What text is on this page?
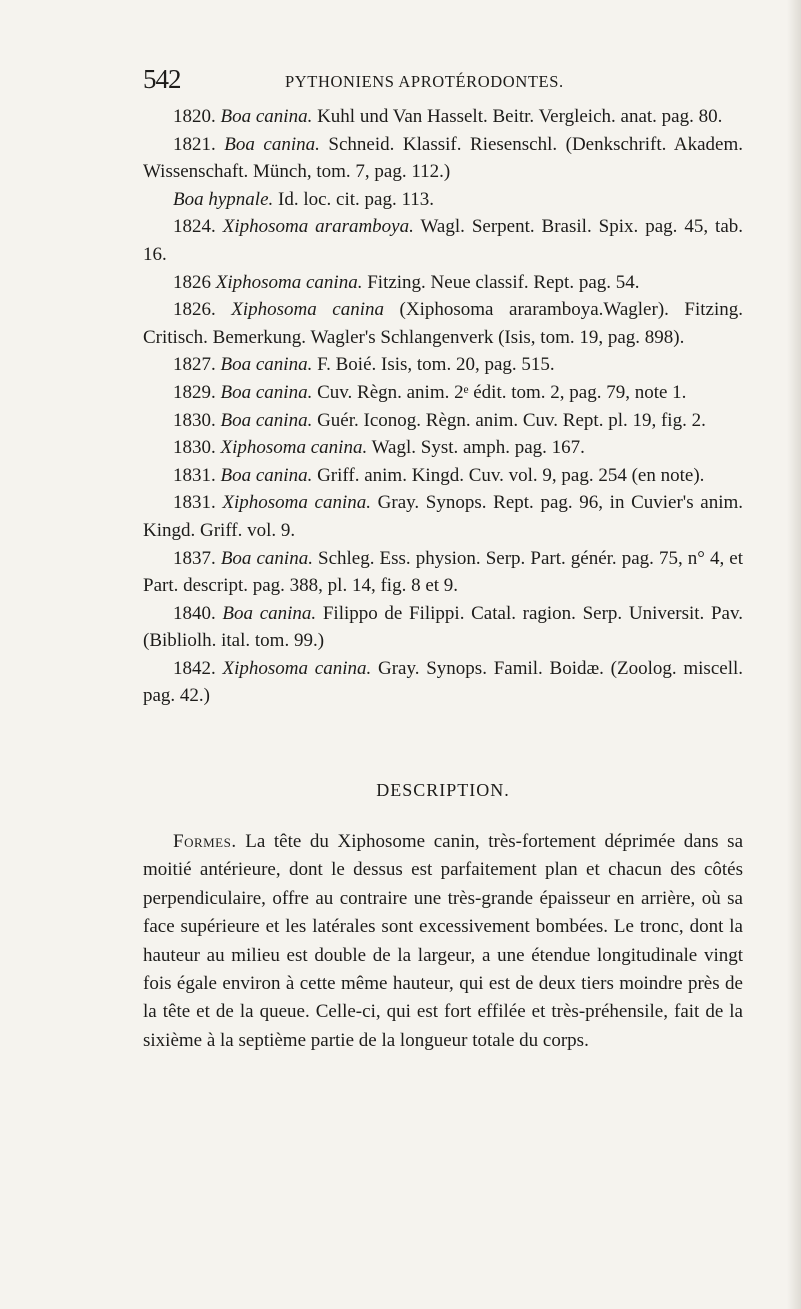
542	PYTHONIENS APROTÉRODONTES.

1820. Boa canina. Kuhl und Van Hasselt. Beitr. Vergleich. anat. pag. 80.

1821. Boa canina. Schneid. Klassif. Riesenschl. (Denkschrift. Akadem. Wissenschaft. Münch, tom. 7, pag. 112.)

Boa hypnale. Id. loc. cit. pag. 113.

1824. Xiphosoma araramboya. Wagl. Serpent. Brasil. Spix. pag. 45, tab. 16.

1826 Xiphosoma canina. Fitzing. Neue classif. Rept. pag. 54.

1826. Xiphosoma canina (Xiphosoma araramboya.Wagler). Fitzing. Critisch. Bemerkung. Wagler's Schlangenverk (Isis, tom. 19, pag. 898).

1827. Boa canina. F. Boié. Isis, tom. 20, pag. 515.

1829. Boa canina. Cuv. Règn. anim. 2ᵉ édit. tom. 2, pag. 79, note 1.

1830. Boa canina. Guér. Iconog. Règn. anim. Cuv. Rept. pl. 19, fig. 2.

1830. Xiphosoma canina. Wagl. Syst. amph. pag. 167.

1831. Boa canina. Griff. anim. Kingd. Cuv. vol. 9, pag. 254 (en note).

1831. Xiphosoma canina. Gray. Synops. Rept. pag. 96, in Cuvier's anim. Kingd. Griff. vol. 9.

1837. Boa canina. Schleg. Ess. physion. Serp. Part. génér. pag. 75, n° 4, et Part. descript. pag. 388, pl. 14, fig. 8 et 9.

1840. Boa canina. Filippo de Filippi. Catal. ragion. Serp. Universit. Pav. (Bibliolh. ital. tom. 99.)

1842. Xiphosoma canina. Gray. Synops. Famil. Boidæ. (Zoolog. miscell. pag. 42.)

DESCRIPTION.

Formes. La tête du Xiphosome canin, très-fortement déprimée dans sa moitié antérieure, dont le dessus est parfaitement plan et chacun des côtés perpendiculaire, offre au contraire une très-grande épaisseur en arrière, où sa face supérieure et les latérales sont excessivement bombées. Le tronc, dont la hauteur au milieu est double de la largeur, a une étendue longitudinale vingt fois égale environ à cette même hauteur, qui est de deux tiers moindre près de la tête et de la queue. Celle-ci, qui est fort effilée et très-préhensile, fait de la sixième à la septième partie de la longueur totale du corps.
